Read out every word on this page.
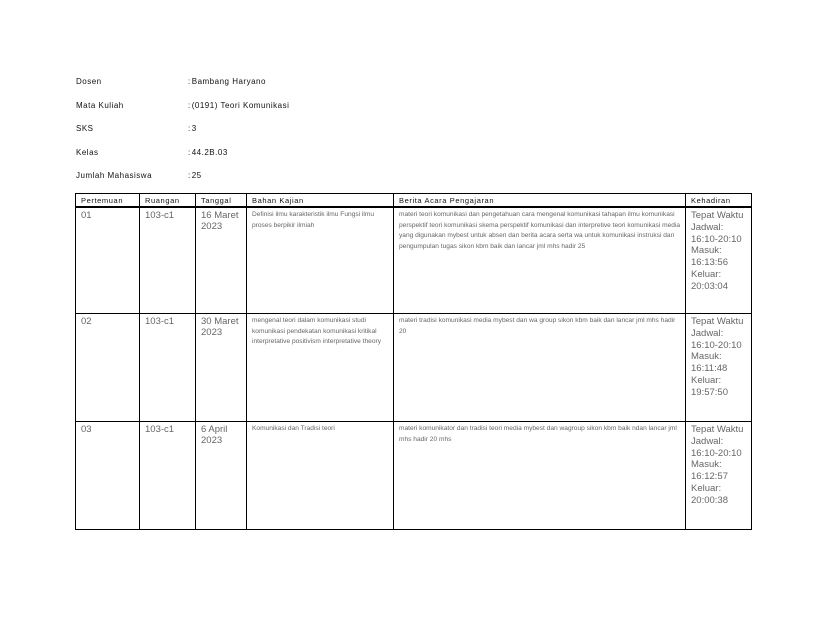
Dosen	: Bambang Haryano
Mata Kuliah	: (0191) Teori Komunikasi
SKS	: 3
Kelas	: 44.2B.03
Jumlah Mahasiswa	: 25
Pertemuan	Ruangan	Tanggal	Bahan Kajian	Berita Acara Pengajaran	Kehadiran
01	103-c1	16 Maret 2023	Definisi ilmu karakteristik ilmu Fungsi ilmu proses berpikir ilmiah	materi teori komunikasi dan pengetahuan cara mengenal komunikasi tahapan ilmu komunikasi perspektif teori komunikasi skema perspektif komunikasi dan interpretive teori komunikasi media yang digunakan mybest untuk absen dan berita acara serta wa untuk komunikasi instruksi dan pengumpulan tugas sikon kbm baik dan lancar jml mhs hadir 25	Tepat Waktu Jadwal: 16:10-20:10 Masuk: 16:13:56 Keluar: 20:03:04
02	103-c1	30 Maret 2023	mengenal teori dalam komunikasi studi komunikasi pendekatan komunikasi kritikal interpretative positivism interpretative theory	materi tradisi komunikasi media mybest dan wa group sikon kbm baik dan lancar jml mhs hadir 20	Tepat Waktu Jadwal: 16:10-20:10 Masuk: 16:11:48 Keluar: 19:57:50
03	103-c1	6 April 2023	Komunikasi dan Tradisi teori	materi komunikator dan tradisi teori media mybest dan wagroup sikon kbm baik ndan lancar jml mhs hadir 20 mhs	Tepat Waktu Jadwal: 16:10-20:10 Masuk: 16:12:57 Keluar: 20:00:38
